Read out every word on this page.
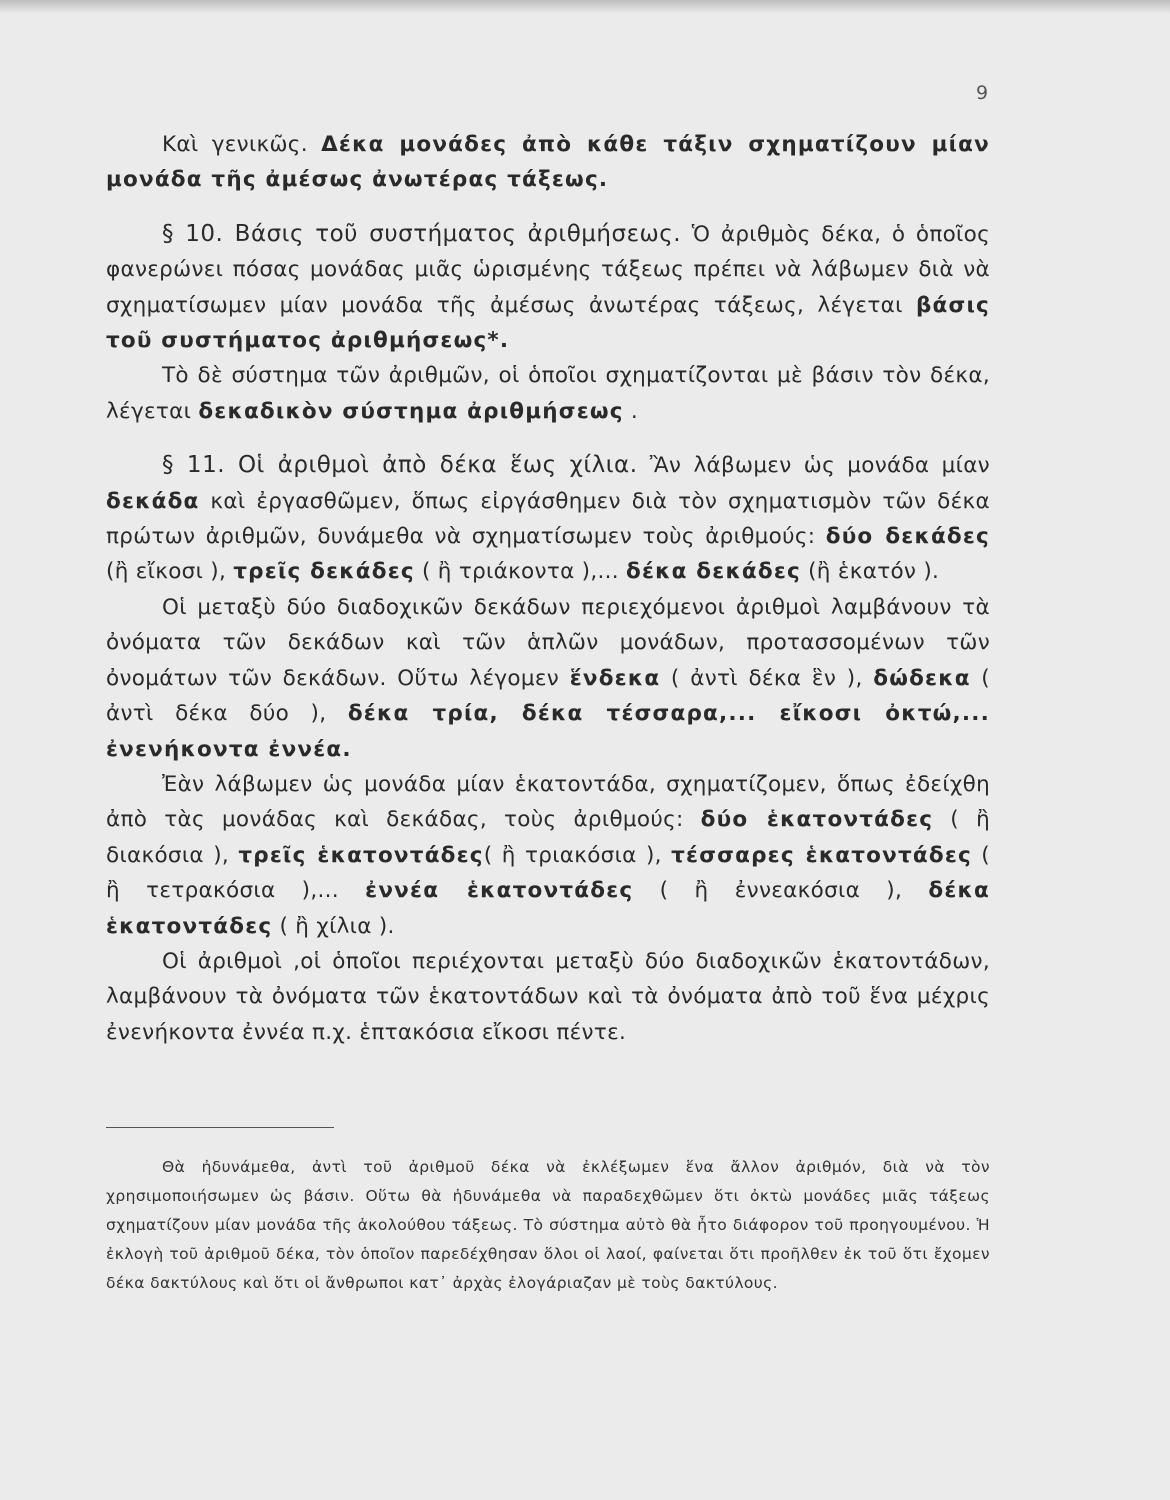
9

Καὶ γενικῶς. Δέκα μονάδες ἀπὸ κάθε τάξιν σχηματίζουν μίαν μονάδα τῆς ἀμέσως ἀνωτέρας τάξεως.

§ 10. Βάσις τοῦ συστήματος ἀριθμήσεως. Ὁ ἀριθμὸς δέκα, ὁ ὁποῖος φανερώνει πόσας μονάδας μιᾶς ὡρισμένης τάξεως πρέπει νὰ λάβωμεν διὰ νὰ σχηματίσωμεν μίαν μονάδα τῆς ἀμέσως ἀνωτέρας τάξεως, λέγεται βάσις τοῦ συστήματος ἀριθμήσεως*.

Τὸ δὲ σύστημα τῶν ἀριθμῶν, οἱ ὁποῖοι σχηματίζονται μὲ βάσιν τὸν δέκα, λέγεται δεκαδικὸν σύστημα ἀριθμήσεως .

§ 11. Οἱ ἀριθμοὶ ἀπὸ δέκα ἕως χίλια. Ἂν λάβωμεν ὡς μονάδα μίαν δεκάδα καὶ ἐργασθῶμεν, ὅπως εἰργάσθημεν διὰ τὸν σχηματισμὸν τῶν δέκα πρώτων ἀριθμῶν, δυνάμεθα νὰ σχηματίσωμεν τοὺς ἀριθμούς: δύο δεκάδες (ἢ εἴκοσι ), τρεῖς δεκάδες ( ἢ τριάκοντα ),... δέκα δεκάδες (ἢ ἑκατόν ).

Οἱ μεταξὺ δύο διαδοχικῶν δεκάδων περιεχόμενοι ἀριθμοὶ λαμβάνουν τὰ ὀνόματα τῶν δεκάδων καὶ τῶν ἁπλῶν μονάδων, προτασσομένων τῶν ὀνομάτων τῶν δεκάδων. Οὕτω λέγομεν ἕνδεκα ( ἀντὶ δέκα ἓν ), δώδεκα ( ἀντὶ δέκα δύο ), δέκα τρία, δέκα τέσσαρα,... εἴκοσι ὀκτώ,... ἐνενήκοντα ἐννέα.

Ἐὰν λάβωμεν ὡς μονάδα μίαν ἑκατοντάδα, σχηματίζομεν, ὅπως ἐδείχθη ἀπὸ τὰς μονάδας καὶ δεκάδας, τοὺς ἀριθμούς: δύο ἑκατοντάδες ( ἢ διακόσια ), τρεῖς ἑκατοντάδες( ἢ τριακόσια ), τέσσαρες ἑκατοντάδες ( ἢ τετρακόσια ),... ἐννέα ἑκατοντάδες ( ἢ ἐννεακόσια ), δέκα ἑκατοντάδες ( ἢ χίλια ).

Οἱ ἀριθμοὶ ,οἱ ὁποῖοι περιέχονται μεταξὺ δύο διαδοχικῶν ἑκατοντάδων, λαμβάνουν τὰ ὀνόματα τῶν ἑκατοντάδων καὶ τὰ ὀνόματα ἀπὸ τοῦ ἕνα μέχρις ἐνενήκοντα ἐννέα π.χ. ἑπτακόσια εἴκοσι πέντε.

Θὰ ἠδυνάμεθα, ἀντὶ τοῦ ἀριθμοῦ δέκα νὰ ἐκλέξωμεν ἕνα ἄλλον ἀριθμόν, διὰ νὰ τὸν χρησιμοποιήσωμεν ὡς βάσιν. Οὕτω θὰ ἠδυνάμεθα νὰ παραδεχθῶμεν ὅτι ὀκτὼ μονάδες μιᾶς τάξεως σχηματίζουν μίαν μονάδα τῆς ἀκολούθου τάξεως. Τὸ σύστημα αὐτὸ θὰ ἦτο διάφορον τοῦ προηγουμένου. Ἡ ἐκλογὴ τοῦ ἀριθμοῦ δέκα, τὸν ὁποῖον παρεδέχθησαν ὅλοι οἱ λαοί, φαίνεται ὅτι προῆλθεν ἐκ τοῦ ὅτι ἔχομεν δέκα δακτύλους καὶ ὅτι οἱ ἄνθρωποι κατ᾽ ἀρχὰς ἐλογάριαζαν μὲ τοὺς δακτύλους.
